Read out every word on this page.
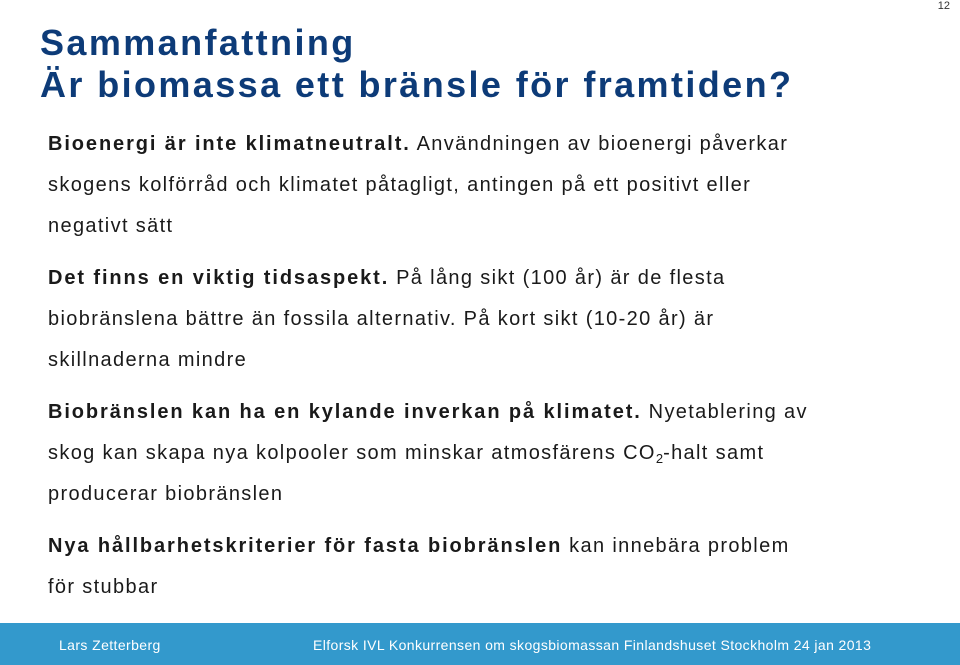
12
Sammanfattning
Är biomassa ett bränsle för framtiden?
Bioenergi är inte klimatneutralt. Användningen av bioenergi påverkar
skogens kolförråd och klimatet påtagligt, antingen på ett positivt eller
negativt sätt
Det finns en viktig tidsaspekt. På lång sikt (100 år) är de flesta
biobränslena bättre än fossila alternativ. På kort sikt (10-20 år) är
skillnaderna mindre
Biobränslen kan ha en kylande inverkan på klimatet. Nyetablering av
skog kan skapa nya kolpooler som minskar atmosfärens $CO_2$-halt samt
producerar biobränslen
Nya hållbarhetskriterier för fasta biobränslen kan innebära problem
för stubbar
Lars Zetterberg	Elforsk IVL Konkurrensen om skogsbiomassan Finlandshuset Stockholm 24 jan 2013
